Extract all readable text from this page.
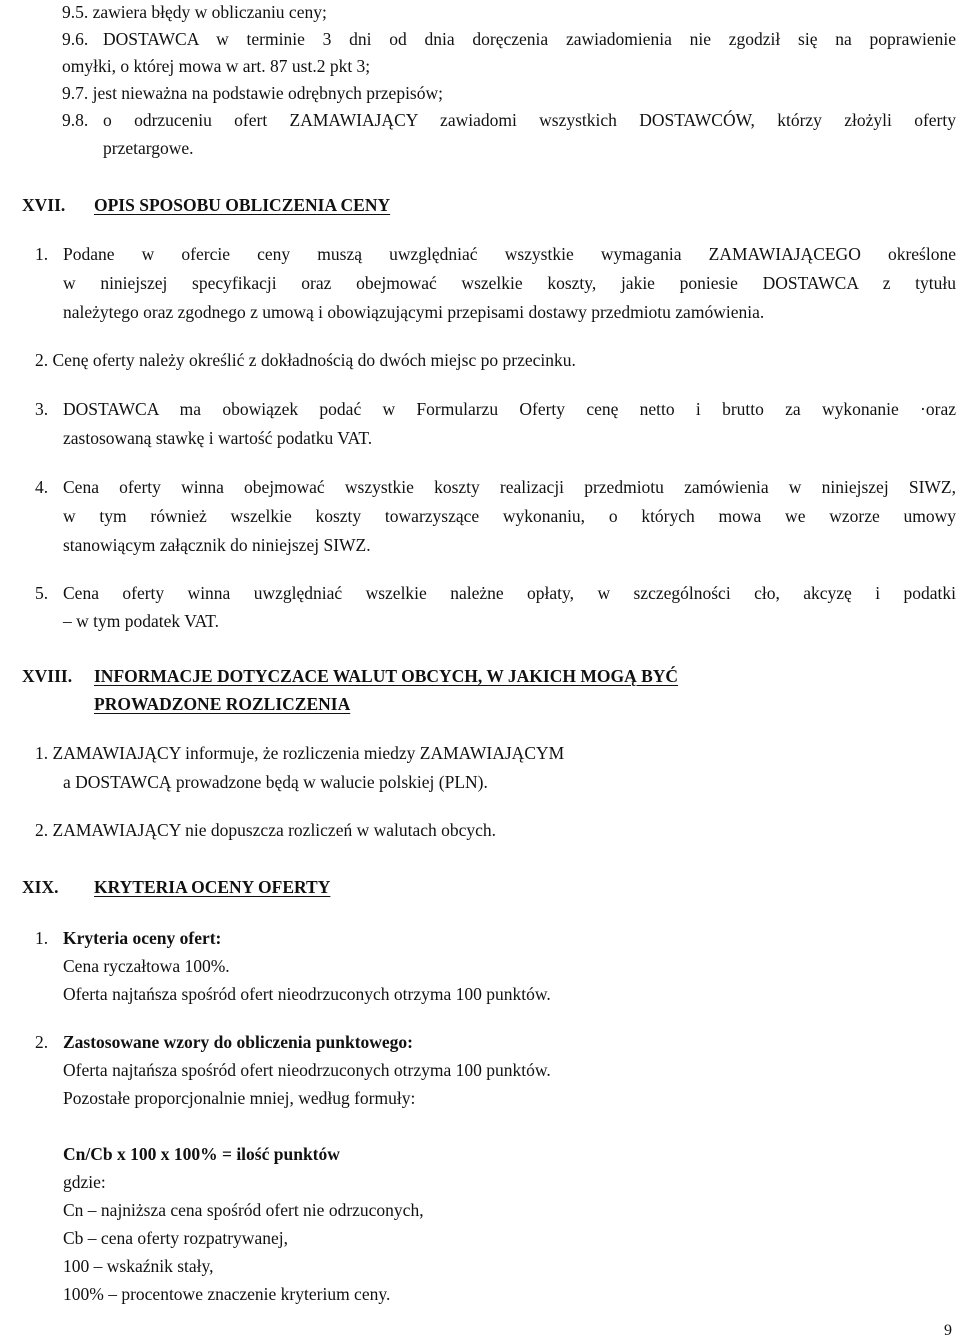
9.5. zawiera błędy w obliczaniu ceny;
9.6. DOSTAWCA w terminie 3 dni od dnia doręczenia zawiadomienia nie zgodził się na poprawienie
omyłki, o której mowa w art. 87 ust.2 pkt 3;
9.7. jest nieważna na podstawie odrębnych przepisów;
9.8. o odrzuceniu ofert ZAMAWIAJĄCY zawiadomi wszystkich DOSTAWCÓW, którzy złożyli oferty
przetargowe.
XVII. OPIS SPOSOBU OBLICZENIA CENY
1. Podane w ofercie ceny muszą uwzględniać wszystkie wymagania ZAMAWIAJĄCEGO określone
w niniejszej specyfikacji oraz obejmować wszelkie koszty, jakie poniesie DOSTAWCA z tytułu
należytego oraz zgodnego z umową i obowiązującymi przepisami dostawy przedmiotu zamówienia.
2. Cenę oferty należy określić z dokładnością do dwóch miejsc po przecinku.
3. DOSTAWCA ma obowiązek podać w Formularzu Oferty cenę netto i brutto za wykonanie ·oraz
zastosowaną stawkę i wartość podatku VAT.
4. Cena oferty winna obejmować wszystkie koszty realizacji przedmiotu zamówienia w niniejszej SIWZ,
w tym również wszelkie koszty towarzyszące wykonaniu, o których mowa we wzorze umowy
stanowiącym załącznik do niniejszej SIWZ.
5. Cena oferty winna uwzględniać wszelkie należne opłaty, w szczególności cło, akcyzę i podatki
– w tym podatek VAT.
XVIII. INFORMACJE DOTYCZACE WALUT OBCYCH, W JAKICH MOGĄ BYĆ
PROWADZONE ROZLICZENIA
1. ZAMAWIAJĄCY informuje, że rozliczenia miedzy ZAMAWIAJĄCYM
a DOSTAWCĄ prowadzone będą w walucie polskiej (PLN).
2. ZAMAWIAJĄCY nie dopuszcza rozliczeń w walutach obcych.
XIX. KRYTERIA OCENY OFERTY
1. Kryteria oceny ofert:
Cena ryczałtowa 100%.
Oferta najtańsza spośród ofert nieodrzuconych otrzyma 100 punktów.
2. Zastosowane wzory do obliczenia punktowego:
Oferta najtańsza spośród ofert nieodrzuconych otrzyma 100 punktów.
Pozostałe proporcjonalnie mniej, według formuły:
Cn/Cb x 100 x 100% = ilość punktów
gdzie:
Cn – najniższa cena spośród ofert nie odrzuconych,
Cb – cena oferty rozpatrywanej,
100 – wskaźnik stały,
100% – procentowe znaczenie kryterium ceny.
9
